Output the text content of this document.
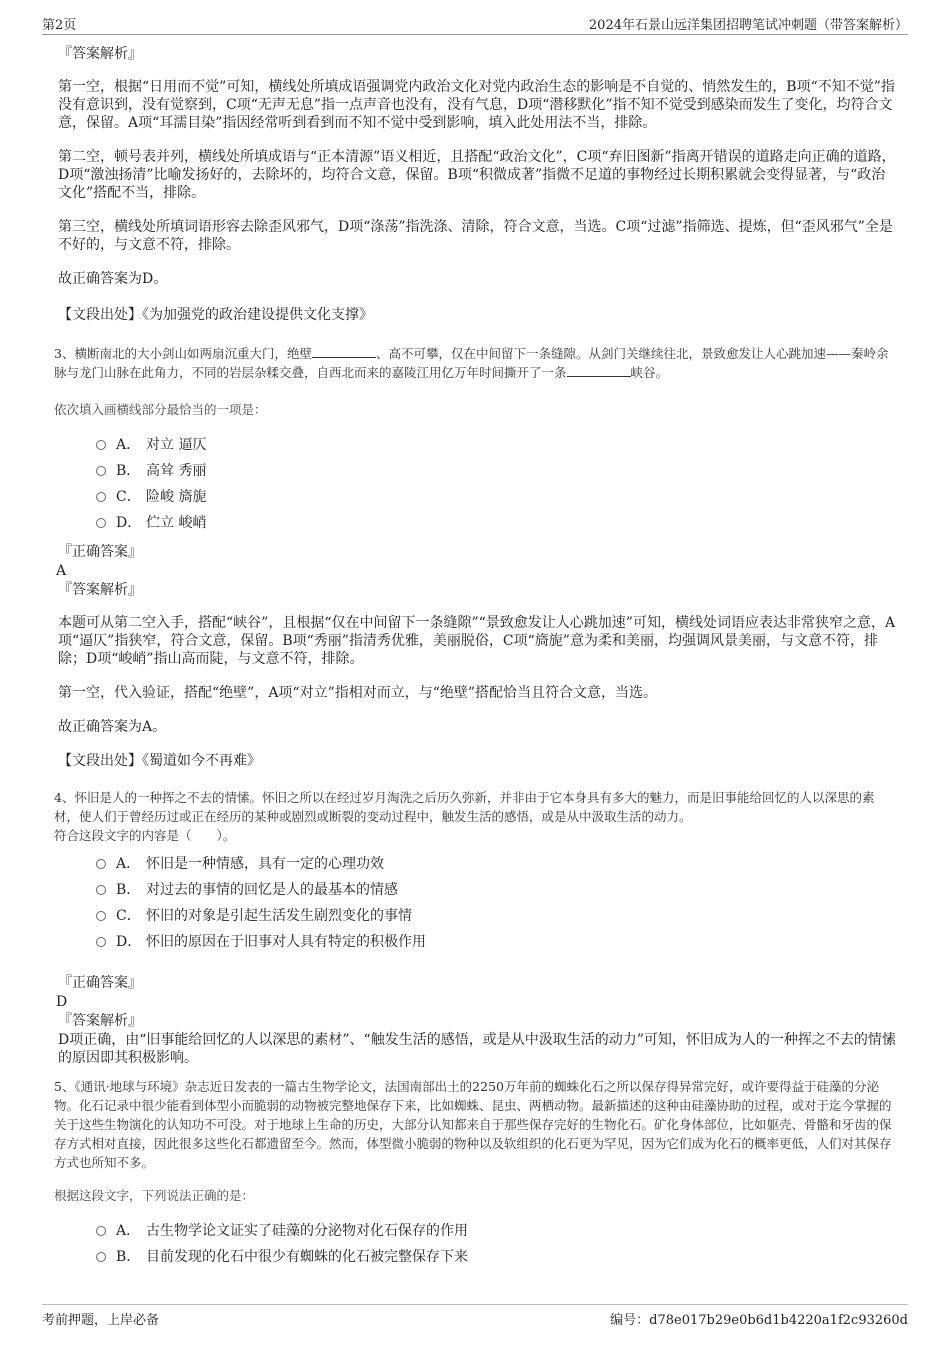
第2页	2024年石景山远洋集团招聘笔试冲刺题（带答案解析）
『答案解析』
第一空，根据“日用而不觉”可知，横线处所填成语强调党内政治文化对党内政治生态的影响是不自觉的、悄然发生的，B项“不知不觉”指没有意识到，没有觉察到，C项“无声无息”指一点声音也没有，没有气息，D项“潜移默化”指不知不觉受到感染而发生了变化，均符合文意，保留。A项“耳濡目染”指因经常听到看到而不知不觉中受到影响，填入此处用法不当，排除。
第二空，顿号表并列，横线处所填成语与“正本清源”语义相近，且搭配“政治文化”，C项“弃旧图新”指离开错误的道路走向正确的道路，D项“激浊扬清”比喻发扬好的，去除坏的，均符合文意，保留。B项“积微成著”指微不足道的事物经过长期积累就会变得显著，与“政治文化”搭配不当，排除。
第三空，横线处所填词语形容去除歪风邪气，D项“涤荡”指洗涤、清除，符合文意，当选。C项“过滤”指筛选、提炼，但“歪风邪气”全是不好的，与文意不符，排除。
故正确答案为D。
【文段出处】《为加强党的政治建设提供文化支撑》
3、横断南北的大小剑山如两扇沉重大门，绝壁	、高不可攀，仅在中间留下一条缝隙。从剑门关继续往北，景致愈发让人心跳加速——秦岭余脉与龙门山脉在此角力，不同的岩层杂糅交叠，自西北而来的嘉陵江用亿万年时间撕开了一条	峡谷。
依次填入画横线部分最恰当的一项是：
A． 对立 逼仄
B． 高耸 秀丽
C． 险峻 旖旎
D． 伫立 峻峭
『正确答案』
A
『答案解析』
本题可从第二空入手，搭配“峡谷”，且根据“仅在中间留下一条缝隙”“景致愈发让人心跳加速”可知，横线处词语应表达非常狭窄之意，A项“逼仄”指狭窄，符合文意，保留。B项“秀丽”指清秀优雅，美丽脱俗，C项“旖旎”意为柔和美丽，均强调风景美丽，与文意不符，排除；D项“峻峭”指山高而陡，与文意不符，排除。
第一空，代入验证，搭配“绝壁”，A项“对立”指相对而立，与“绝壁”搭配恰当且符合文意，当选。
故正确答案为A。
【文段出处】《蜀道如今不再难》
4、怀旧是人的一种挥之不去的情愫。怀旧之所以在经过岁月淘洗之后历久弥新，并非由于它本身具有多大的魅力，而是旧事能给回忆的人以深思的素材，使人们于曾经历过或正在经历的某种或剧烈或断裂的变动过程中，触发生活的感悟，或是从中汲取生活的动力。
符合这段文字的内容是（　　）。
A． 怀旧是一种情感，具有一定的心理功效
B． 对过去的事情的回忆是人的最基本的情感
C． 怀旧的对象是引起生活发生剧烈变化的事情
D． 怀旧的原因在于旧事对人具有特定的积极作用
『正确答案』
D
『答案解析』
D项正确，由“旧事能给回忆的人以深思的素材”、“触发生活的感悟，或是从中汲取生活的动力”可知，怀旧成为人的一种挥之不去的情愫的原因即其积极影响。
5、《通讯·地球与环境》杂志近日发表的一篇古生物学论文，法国南部出土的2250万年前的蜘蛛化石之所以保存得异常完好，或许要得益于硅藻的分泌物。化石记录中很少能看到体型小而脆弱的动物被完整地保存下来，比如蜘蛛、昆虫、两栖动物。最新描述的这种由硅藻协助的过程，或对于迄今掌握的关于这些生物演化的认知功不可没。对于地球上生命的历史，大部分认知都来自于那些保存完好的生物化石。矿化身体部位，比如躯壳、骨骼和牙齿的保存方式相对直接，因此很多这些化石都遗留至今。然而，体型微小脆弱的物种以及软组织的化石更为罕见，因为它们成为化石的概率更低，人们对其保存方式也所知不多。
根据这段文字，下列说法正确的是：
A． 古生物学论文证实了硅藻的分泌物对化石保存的作用
B． 目前发现的化石中很少有蜘蛛的化石被完整保存下来
考前押题，上岸必备	编号：d78e017b29e0b6d1b4220a1f2c93260d
